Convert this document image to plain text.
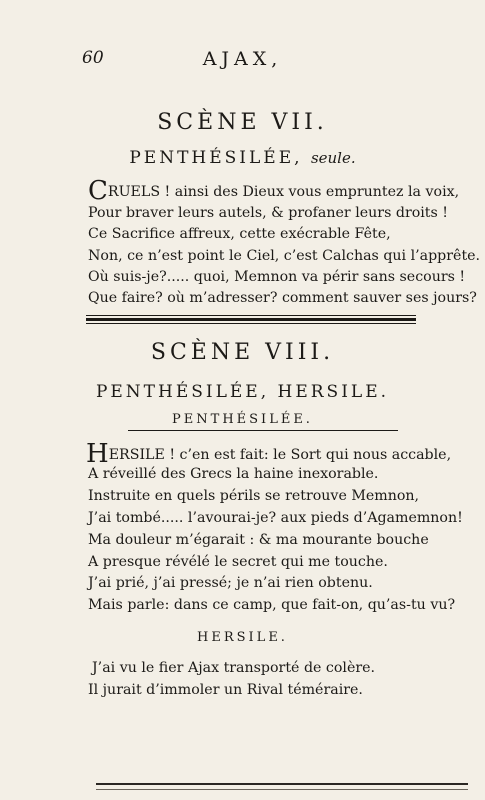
60	AJAX,
SCÈNE VII.
PENTHÉSILÉE, seule.
CRUELS ! ainsi des Dieux vous empruntez la voix,
Pour braver leurs autels, & profaner leurs droits !
Ce Sacrifice affreux, cette exécrable Fête,
Non, ce n’est point le Ciel, c’est Calchas qui l’apprête.
Où suis-je?..... quoi, Memnon va périr sans secours !
Que faire? où m’adresser? comment sauver ses jours?
SCÈNE VIII.
PENTHÉSILÉE, HERSILE.
PENTHÉSILÉE.
HERSILE ! c’en est fait: le Sort qui nous accable,
A réveillé des Grecs la haine inexorable.
Instruite en quels périls se retrouve Memnon,
J’ai tombé..... l’avourai-je? aux pieds d’Agamemnon!
Ma douleur m’égarait : & ma mourante bouche
A presque révélé le secret qui me touche.
J’ai prié, j’ai pressé; je n’ai rien obtenu.
Mais parle: dans ce camp, que fait-on, qu’as-tu vu?
HERSILE.
J’ai vu le fier Ajax transporté de colère.
Il jurait d’immoler un Rival téméraire.
